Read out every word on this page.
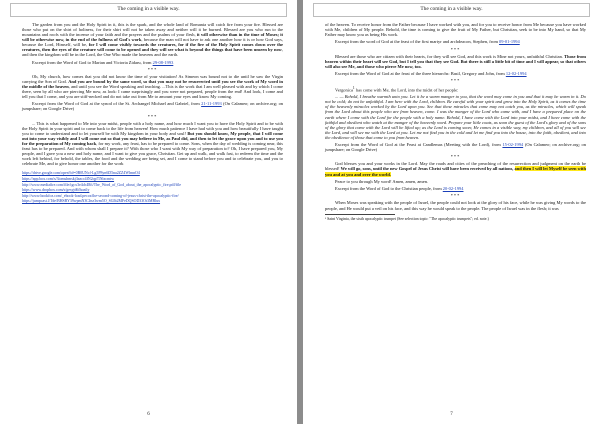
The coming in a visible way.

The garden from you and the Holy Spirit in it, this is the spark, and the whole land of Romania will catch fire from your fire. Blessed are those who put on the shirt of holiness, for their shirt will not be taken away and neither will it be burned. Blessed are you who run to the mountains and roofs with the incense of your faith and the prayers and the psalms of your flesh, it will otherwise than in the time of Moses; it will be otherwise now, in the end of the fullness of God's work, because the man will not have to ask one another how it is or how God says, because the Lord, Himself, will be, for I will come visibly towards the creatures, for if the fire of the Holy Spirit comes down over the creatures, then the eyes of the creature will come to be opened and they will see what is beyond the things that have been unseen by now, and then the kingdom will be in the Lord, the One Who made the heavens and the earth.

Excerpt from the Word of God to Marian and Victoria Zidaru, from 29-08-1993

***

Oh, My church, how comes that you did not know the time of your visitation! As Simeon was bound not to die until he saw the Virgin carrying the Son of God. And you are bound by the same word, so that you may not be resurrected until you see the work of My word in the middle of the heaven, and until you see the Word speaking and teaching. ...This is the work that I am well pleased with and by which I come there, seen by all who are piercing Me now, as look: I came surprisingly and you were not prepared, people from the end! And look, I come and tell you that I come, and you are stiff-necked and do not take out from Me to amount your eyes and know My coming.

Excerpt from the Word of God at the synod of the St. Archangel Michael and Gabriel, from 21-11-1993 (On Calameo; on archive.org; on jumpshare; on Google Drive)

***

... This is what happened to Me into your midst, people with a holy name, and how much I want you to have the Holy Spirit and to be with the Holy Spirit in your spirit and to come back to the life from heaven! How much patience I have had with you and how beautifully I have taught you to come to understand and to let yourself be with My kingdom in your body and soul! But you should know, My people, that I will come out into your way visibly and I will come out so that you may believe in Me, as Paul did, and then to let the grace upon you and to use you for the preparation of My coming back, for my work, any feast, has to be prepared to come. Sons, when the day of wedding is coming near, this feast has to be prepared. And with whom shall I prepare it? With those who I want with My way of preparation to? Oh, I have prepared you, My people, and I gave you a new and holy name, and I want to give you grace, Christian. Get up and walk, and walk fast, to redeem the time and the work left behind, for behold, the tables, the food and the wedding are being set, and I come to stand before you and to celebrate you, and you to celebrate Me, and to give honor one another for the work

https://drive.google.com/open?id=0B0UNcf-Lg5P8yn6D5na2ZZ4WlmnO4
https://app.box.com/s/3icmuhmskj3azcc4fN2qp7l56xcmtw
http://www.mediafire.com/file/tgcx3e4ch48ft/The_Word_of_God_about_the_apocalyptic_fire.pdf/file
https://www.dropbox.com/s/gesyjd6fhoztly
http://www.bookfoz.com/_ebook-load.pecos/the-second-coming-of-jesus-christ-the-apocalyptic-fire/
https://jumpcast.l/Tde/BHSRY39wpmN3CJnz3wm5O_SGlb2MFeDQSOD33Ot3MBlux
6
The coming in a visible way.

of the heaven. To receive honor from the Father because I have worked with you, and for you to receive honor from Me because you have worked with Me, children of My people. Behold, the time is coming to give the fruit of My Father, but Christian, seek to be into My hand, so that My Father may know you as being His work.

Excerpt from the word of God at the feast of the first martyr and archdeacon, Stephen, from 09-01-1994

***

Blessed are those who are citizen with their hearts, for they will see God, and this work is Mine not yours, unfaithful Christian. Those from heaven within their heart will see God, but I tell you that they see God. But there is still a little bit of time and I will appear, so that others will also see Me, and those who pierce Me now, too.

Excerpt from the Word of God at the feast of the three hierarchs: Basil, Gregory and John, from 12-02-1994

***

Vergonica$^1$ has come with Me, the Lord, into the midst of her people:

... — Behold, I breathe warmth unto you. Let it be a warm manger to you, that the word may come in you and that it may be warm in it. Do not be cold; do not be unfaithful. I am here with the Lord, children. Be careful with your spirit and grow into the Holy Spirit, as it comes the time of the heavenly miracles worked by the Lord upon you. See that these miracles that come may not catch you, as the miracles, which will speak from the Lord about this people who are from heaven, come. I was the manger of the Lord who came with, and I have a prepared place on the earth where I come with the Lord for the people with a holy name. Behold, I have come with the Lord into your midst, and I have come with the faithful and obedient who watch at the manger of the heavenly word. Prepare your little coats, as soon the guest of the Lord's glory and of the sons of the glory that come with the Lord will be lifted up; as the Lord is coming soon; He comes in a visible way, my children, and all of you will see the Lord, and will see me with the Lord at you. Let me not find you in the cold and let me find you into the house, into the faith, obedient, and into the obedience of those that come to you from heaven.

Excerpt from the Word of God at the Feast at Candlemas (Meeting with the Lord), from 15-02-1994 (On Calameo; on archive.org; on jumpshare; on Google Drive)

***

God blesses you and your works in the Lord. May the roads and cities of the preaching of the resurrection and judgment on the earth be blessed! We will go, sons, until the new Gospel of Jesus Christ will have been received by all nations, and then I will let Myself be seen with you and at you and over the world.

Peace to you through My word! Amen, amen, amen.

Excerpt from the Word of God to the Christian people, from 20-02-1994

***

When Moses was speaking with the people of Israel, the people could not look at the glory of his face, while he was giving My words to the people, and He would put a veil on his face, and this way he would speak to the people. The people of Israel was in the flesh; it was

¹ Saint Virginia, the sixth apocalyptic trumpet (See selection topic: "The apocalyptic trumpets"; ed. note.)
7
